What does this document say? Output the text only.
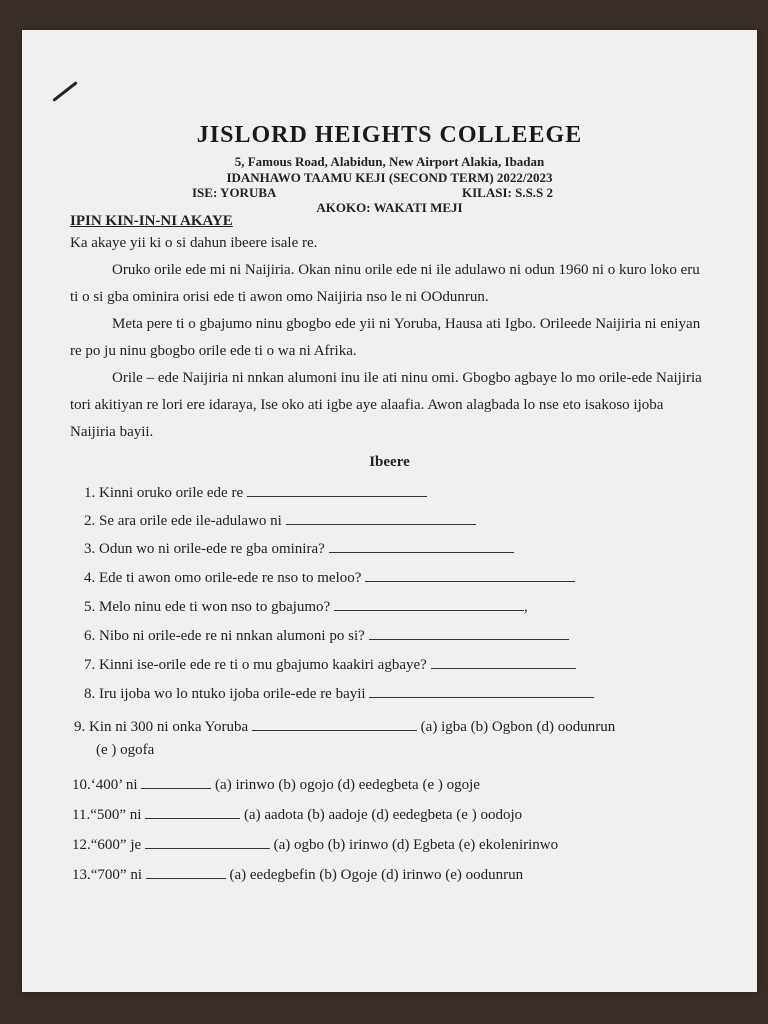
JISLORD HEIGHTS COLLEEGE
5, Famous Road, Alabidun, New Airport Alakia, Ibadan
IDANHAWO TAAMU KEJI (SECOND TERM) 2022/2023
ISE: YORUBA	KILASI: S.S.S 2
AKOKO: WAKATI MEJI
IPIN KIN-IN-NI AKAYE
Ka akaye yii ki o si dahun ibeere isale re.
Oruko orile ede mi ni Naijiria. Okan ninu orile ede ni ile adulawo ni odun 1960 ni o kuro loko eru ti o si gba ominira orisi ede ti awon omo Naijiria nso le ni OOdunrun.
Meta pere ti o gbajumo ninu gbogbo ede yii ni Yoruba, Hausa ati Igbo. Orileede Naijiria ni eniyan re po ju ninu gbogbo orile ede ti o wa ni Afrika.
Orile – ede Naijiria ni nnkan alumoni inu ile ati ninu omi. Gbogbo agbaye lo mo orile-ede Naijiria tori akitiyan re lori ere idaraya, Ise oko ati igbe aye alaafia. Awon alagbada lo nse eto isakoso ijoba Naijiria bayii.
Ibeere
1. Kinni oruko orile ede re
2. Se ara orile ede ile-adulawo ni
3. Odun wo ni orile-ede re gba ominira?
4. Ede ti awon omo orile-ede re nso to meloo?
5. Melo ninu ede ti won nso to gbajumo?	,
6. Nibo ni orile-ede re ni nnkan alumoni po si?
7. Kinni ise-orile ede re ti o mu gbajumo kaakiri agbaye?
8. Iru ijoba wo lo ntuko ijoba orile-ede re bayii
9. Kin ni 300 ni onka Yoruba	(a) igba (b) Ogbon (d) oodunrun
(e ) ogofa
10.‘400’ ni	(a) irinwo (b) ogojo (d) eedegbeta (e ) ogoje
11.“500” ni	(a) aadota (b) aadoje (d) eedegbeta (e ) oodojo
12.“600” je	(a) ogbo (b) irinwo (d) Egbeta (e) ekolenirinwo
13.“700” ni	(a) eedegbefin (b) Ogoje (d) irinwo (e) oodunrun
